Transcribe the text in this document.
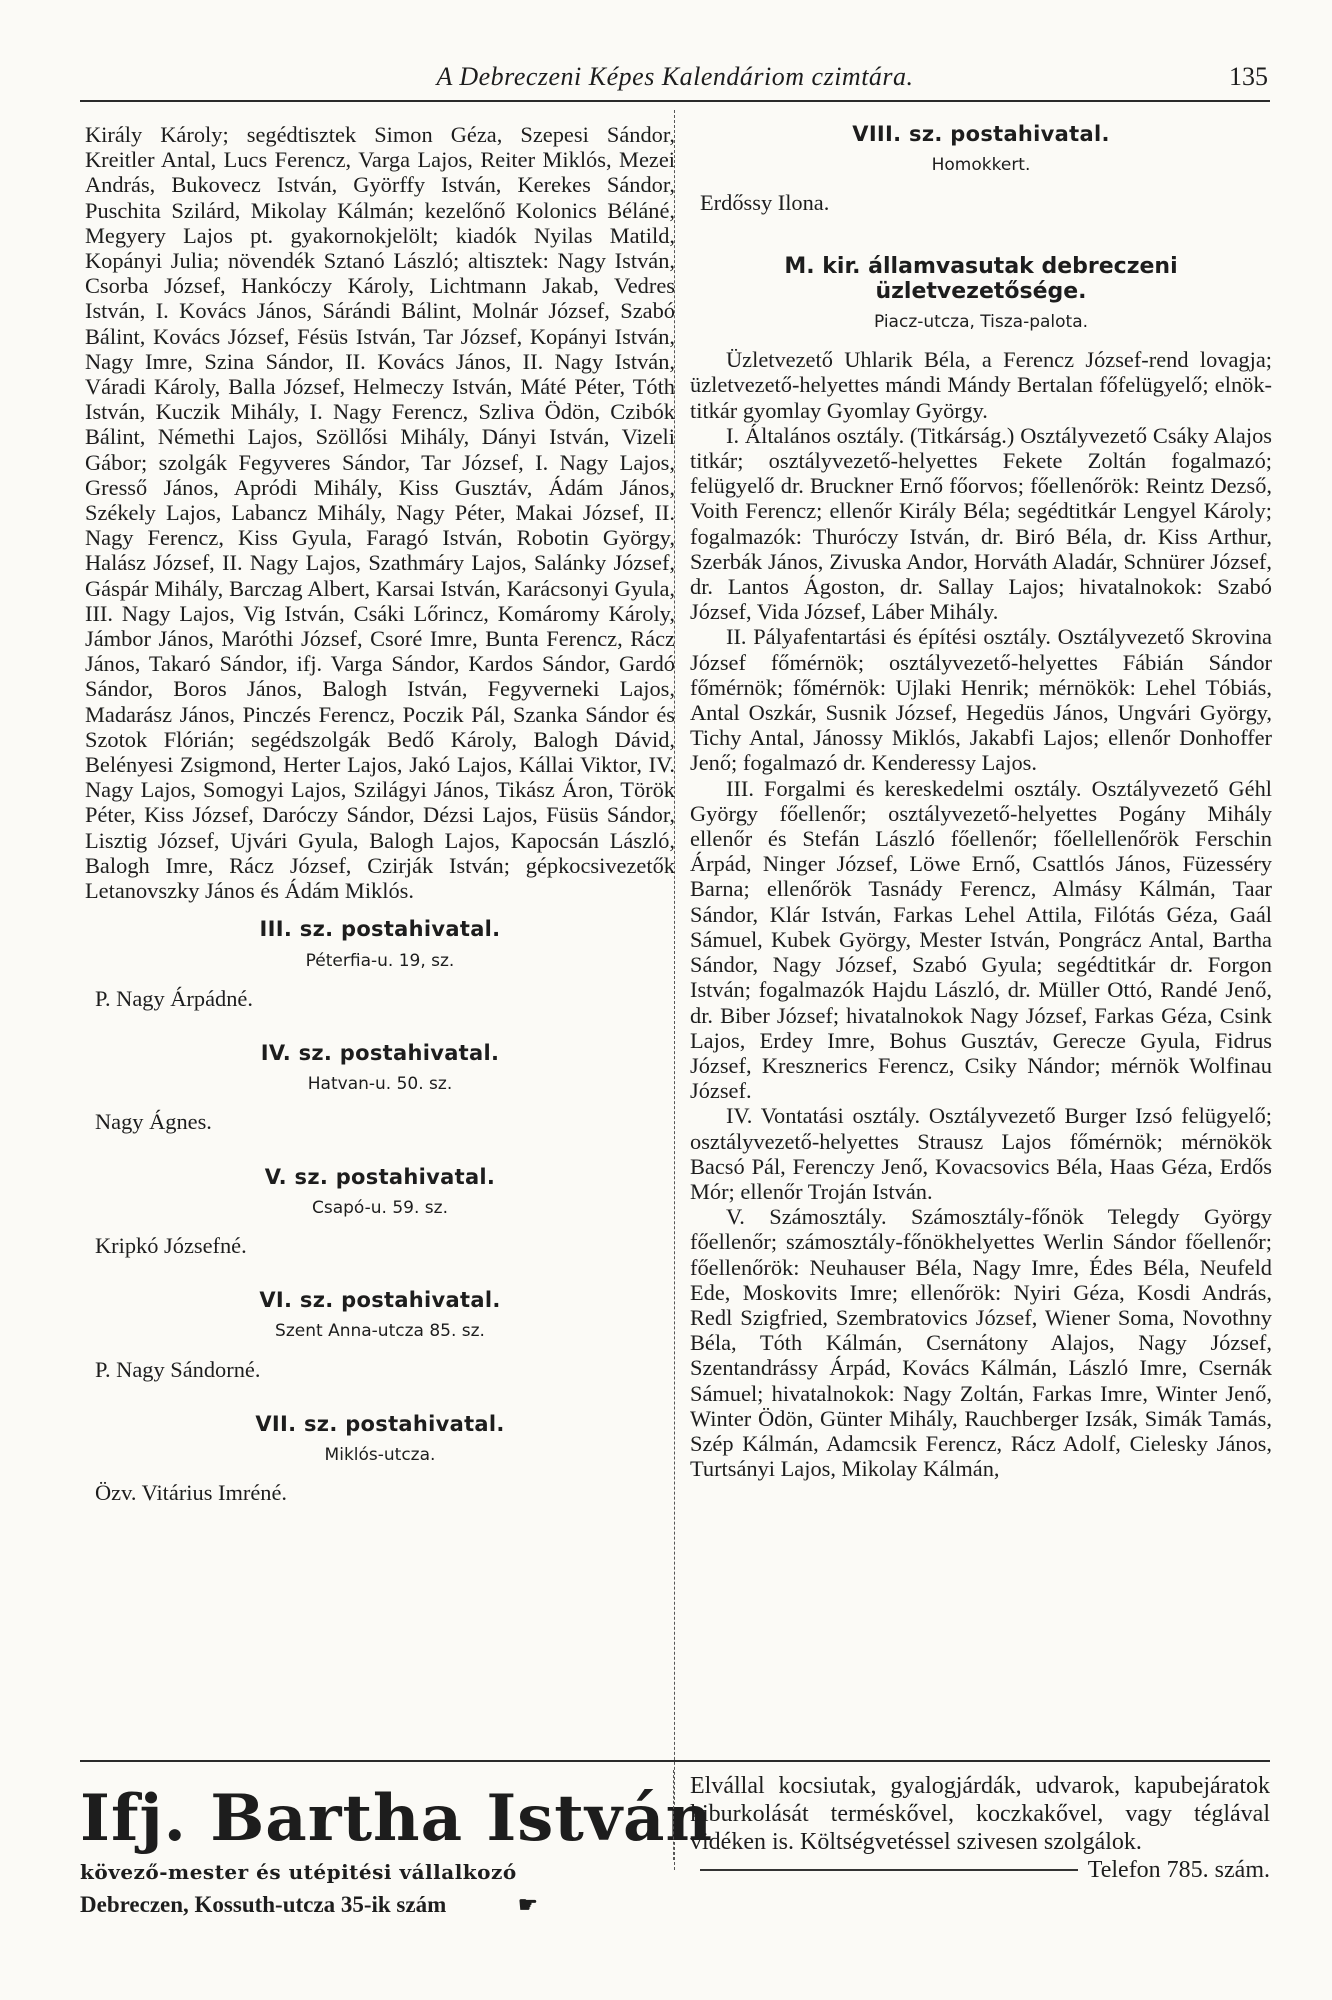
A Debreczeni Képes Kalendáriom czimtára.	135

Király Károly; segédtisztek Simon Géza, Szepesi Sándor, Kreitler Antal, Lucs Ferencz, Varga Lajos, Reiter Miklós, Mezei András, Bukovecz István, Györffy István, Kerekes Sándor, Puschita Szilárd, Mikolay Kálmán; kezelőnő Kolonics Béláné, Megyery Lajos pt. gyakornokjelölt; kiadók Nyilas Matild, Kopányi Julia; növendék Sztanó László; altisztek: Nagy István, Csorba József, Hankóczy Károly, Lichtmann Jakab, Vedres István, I. Kovács János, Sárándi Bálint, Molnár József, Szabó Bálint, Kovács József, Fésüs István, Tar József, Kopányi István, Nagy Imre, Szina Sándor, II. Kovács János, II. Nagy István, Váradi Károly, Balla József, Helmeczy István, Máté Péter, Tóth István, Kuczik Mihály, I. Nagy Ferencz, Szliva Ödön, Czibók Bálint, Némethi Lajos, Szöllősi Mihály, Dányi István, Vizeli Gábor; szolgák Fegyveres Sándor, Tar József, I. Nagy Lajos, Gresső János, Apródi Mihály, Kiss Gusztáv, Ádám János, Székely Lajos, Labancz Mihály, Nagy Péter, Makai József, II. Nagy Ferencz, Kiss Gyula, Faragó István, Robotin György, Halász József, II. Nagy Lajos, Szathmáry Lajos, Salánky József, Gáspár Mihály, Barczag Albert, Karsai István, Karácsonyi Gyula, III. Nagy Lajos, Vig István, Csáki Lőrincz, Komáromy Károly, Jámbor János, Maróthi József, Csoré Imre, Bunta Ferencz, Rácz János, Takaró Sándor, ifj. Varga Sándor, Kardos Sándor, Gardó Sándor, Boros János, Balogh István, Fegyverneki Lajos, Madarász János, Pinczés Ferencz, Poczik Pál, Szanka Sándor és Szotok Flórián; segédszolgák Bedő Károly, Balogh Dávid, Belényesi Zsigmond, Herter Lajos, Jakó Lajos, Kállai Viktor, IV. Nagy Lajos, Somogyi Lajos, Szilágyi János, Tikász Áron, Török Péter, Kiss József, Daróczy Sándor, Dézsi Lajos, Füsüs Sándor, Lisztig József, Ujvári Gyula, Balogh Lajos, Kapocsán László, Balogh Imre, Rácz József, Czirják István; gépkocsivezetők Letanovszky János és Ádám Miklós.

III. sz. postahivatal.
Péterfia-u. 19, sz.
P. Nagy Árpádné.
IV. sz. postahivatal.
Hatvan-u. 50. sz.
Nagy Ágnes.
V. sz. postahivatal.
Csapó-u. 59. sz.
Kripkó Józsefné.
VI. sz. postahivatal.
Szent Anna-utcza 85. sz.
P. Nagy Sándorné.
VII. sz. postahivatal.
Miklós-utcza.
Özv. Vitárius Imréné.
VIII. sz. postahivatal.
Homokkert.
Erdőssy Ilona.
M. kir. államvasutak debreczeni üzletvezetősége.
Piacz-utcza, Tisza-palota.

Üzletvezető Uhlarik Béla, a Ferencz József-rend lovagja; üzletvezető-helyettes mándi Mándy Bertalan főfelügyelő; elnök-titkár gyomlay Gyomlay György.

I. Általános osztály. (Titkárság.) Osztályvezető Csáky Alajos titkár; osztályvezető-helyettes Fekete Zoltán fogalmazó; felügyelő dr. Bruckner Ernő főorvos; főellenőrök: Reintz Dezső, Voith Ferencz; ellenőr Király Béla; segédtitkár Lengyel Károly; fogalmazók: Thuróczy István, dr. Biró Béla, dr. Kiss Arthur, Szerbák János, Zivuska Andor, Horváth Aladár, Schnürer József, dr. Lantos Ágoston, dr. Sallay Lajos; hivatalnokok: Szabó József, Vida József, Láber Mihály.

II. Pályafentartási és építési osztály. Osztályvezető Skrovina József főmérnök; osztályvezető-helyettes Fábián Sándor főmérnök; főmérnök: Ujlaki Henrik; mérnökök: Lehel Tóbiás, Antal Oszkár, Susnik József, Hegedüs János, Ungvári György, Tichy Antal, Jánossy Miklós, Jakabfi Lajos; ellenőr Donhoffer Jenő; fogalmazó dr. Kenderessy Lajos.

III. Forgalmi és kereskedelmi osztály. Osztályvezető Géhl György főellenőr; osztályvezető-helyettes Pogány Mihály ellenőr és Stefán László főellenőr; főellellenőrök Ferschin Árpád, Ninger József, Löwe Ernő, Csattlós János, Füzesséry Barna; ellenőrök Tasnády Ferencz, Almásy Kálmán, Taar Sándor, Klár István, Farkas Lehel Attila, Filótás Géza, Gaál Sámuel, Kubek György, Mester István, Pongrácz Antal, Bartha Sándor, Nagy József, Szabó Gyula; segédtitkár dr. Forgon István; fogalmazók Hajdu László, dr. Müller Ottó, Randé Jenő, dr. Biber József; hivatalnokok Nagy József, Farkas Géza, Csink Lajos, Erdey Imre, Bohus Gusztáv, Gerecze Gyula, Fidrus József, Kresznerics Ferencz, Csiky Nándor; mérnök Wolfinau József.

IV. Vontatási osztály. Osztályvezető Burger Izsó felügyelő; osztályvezető-helyettes Strausz Lajos főmérnök; mérnökök Bacsó Pál, Ferenczy Jenő, Kovacsovics Béla, Haas Géza, Erdős Mór; ellenőr Troján István.

V. Számosztály. Számosztály-főnök Telegdy György főellenőr; számosztály-főnökhelyettes Werlin Sándor főellenőr; főellenőrök: Neuhauser Béla, Nagy Imre, Édes Béla, Neufeld Ede, Moskovits Imre; ellenőrök: Nyiri Géza, Kosdi András, Redl Szigfried, Szembratovics József, Wiener Soma, Novothny Béla, Tóth Kálmán, Csernátony Alajos, Nagy József, Szentandrássy Árpád, Kovács Kálmán, László Imre, Csernák Sámuel; hivatalnokok: Nagy Zoltán, Farkas Imre, Winter Jenő, Winter Ödön, Günter Mihály, Rauchberger Izsák, Simák Tamás, Szép Kálmán, Adamcsik Ferencz, Rácz Adolf, Cielesky János, Turtsányi Lajos, Mikolay Kálmán,

Ifj. Bartha István
kövező-mester és utépitési vállalkozó
Debreczen, Kossuth-utcza 35-ik szám	☛
Elvállal kocsiutak, gyalogjárdák, udvarok, kapubejáratok kiburkolását terméskővel, koczkakővel, vagy téglával vidéken is. Költségvetéssel szivesen szolgálok.
Telefon 785. szám.
